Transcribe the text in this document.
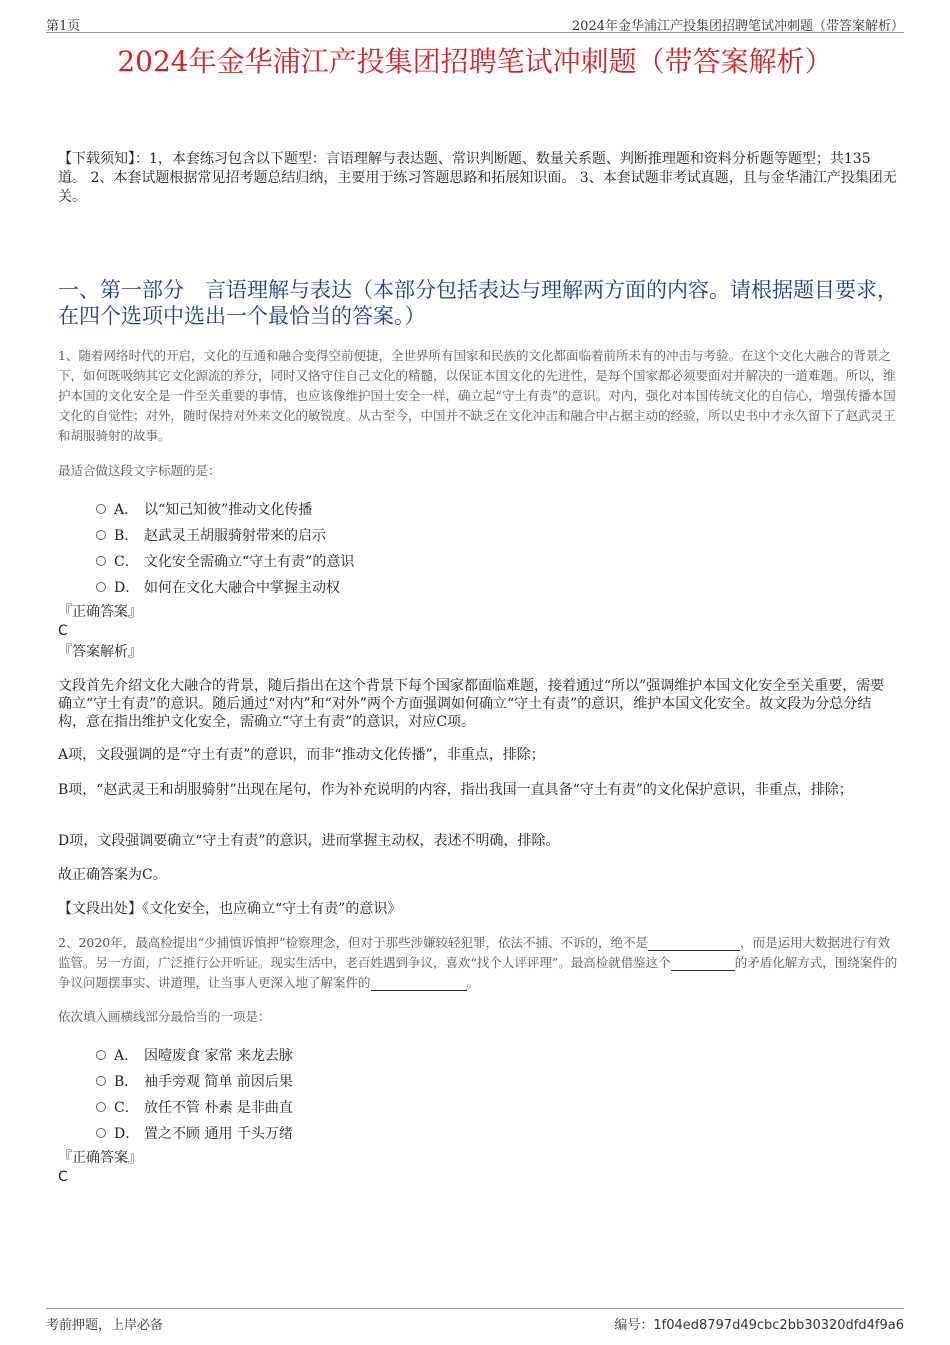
第1页	2024年金华浦江产投集团招聘笔试冲刺题（带答案解析）
2024年金华浦江产投集团招聘笔试冲刺题（带答案解析）
【下载须知】：1，本套练习包含以下题型：言语理解与表达题、常识判断题、数量关系题、判断推理题和资料分析题等题型；共135道。 2、本套试题根据常见招考题总结归纳，主要用于练习答题思路和拓展知识面。 3、本套试题非考试真题，且与金华浦江产投集团无关。
一、第一部分　言语理解与表达（本部分包括表达与理解两方面的内容。请根据题目要求，在四个选项中选出一个最恰当的答案。）
1、随着网络时代的开启，文化的互通和融合变得空前便捷，全世界所有国家和民族的文化都面临着前所未有的冲击与考验。在这个文化大融合的背景之下，如何既吸纳其它文化源流的养分，同时又恪守住自己文化的精髓，以保证本国文化的先进性，是每个国家都必须要面对并解决的一道难题。所以，维护本国的文化安全是一件至关重要的事情，也应该像维护国土安全一样，确立起“守土有责”的意识。对内，强化对本国传统文化的自信心，增强传播本国文化的自觉性；对外，随时保持对外来文化的敏锐度。从古至今，中国并不缺乏在文化冲击和融合中占据主动的经验，所以史书中才永久留下了赵武灵王和胡服骑射的故事。
最适合做这段文字标题的是：
A． 以“知己知彼”推动文化传播
B． 赵武灵王胡服骑射带来的启示
C． 文化安全需确立“守土有责”的意识
D． 如何在文化大融合中掌握主动权
『正确答案』
C
『答案解析』
文段首先介绍文化大融合的背景，随后指出在这个背景下每个国家都面临难题，接着通过“所以”强调维护本国文化安全至关重要，需要确立“守土有责”的意识。随后通过“对内”和“对外”两个方面强调如何确立“守土有责”的意识，维护本国文化安全。故文段为分总分结构，意在指出维护文化安全，需确立“守土有责”的意识，对应C项。
A项，文段强调的是“守土有责”的意识，而非“推动文化传播”，非重点，排除；
B项，“赵武灵王和胡服骑射”出现在尾句，作为补充说明的内容，指出我国一直具备“守土有责”的文化保护意识，非重点，排除；
D项，文段强调要确立“守土有责”的意识，进而掌握主动权，表述不明确，排除。
故正确答案为C。
【文段出处】《文化安全，也应确立“守土有责”的意识》
2、2020年，最高检提出“少捕慎诉慎押”检察理念，但对于那些涉嫌较轻犯罪，依法不捕、不诉的，绝不是	，而是运用大数据进行有效监管。另一方面，广泛推行公开听证。现实生活中，老百姓遇到争议，喜欢“找个人评评理”。最高检就借鉴这个	的矛盾化解方式，围绕案件的争议问题摆事实、讲道理，让当事人更深入地了解案件的	。
依次填入画横线部分最恰当的一项是：
A． 因噎废食 家常 来龙去脉
B． 袖手旁观 简单 前因后果
C． 放任不管 朴素 是非曲直
D． 置之不顾 通用 千头万绪
『正确答案』
C
考前押题，上岸必备	编号：1f04ed8797d49cbc2bb30320dfd4f9a6
